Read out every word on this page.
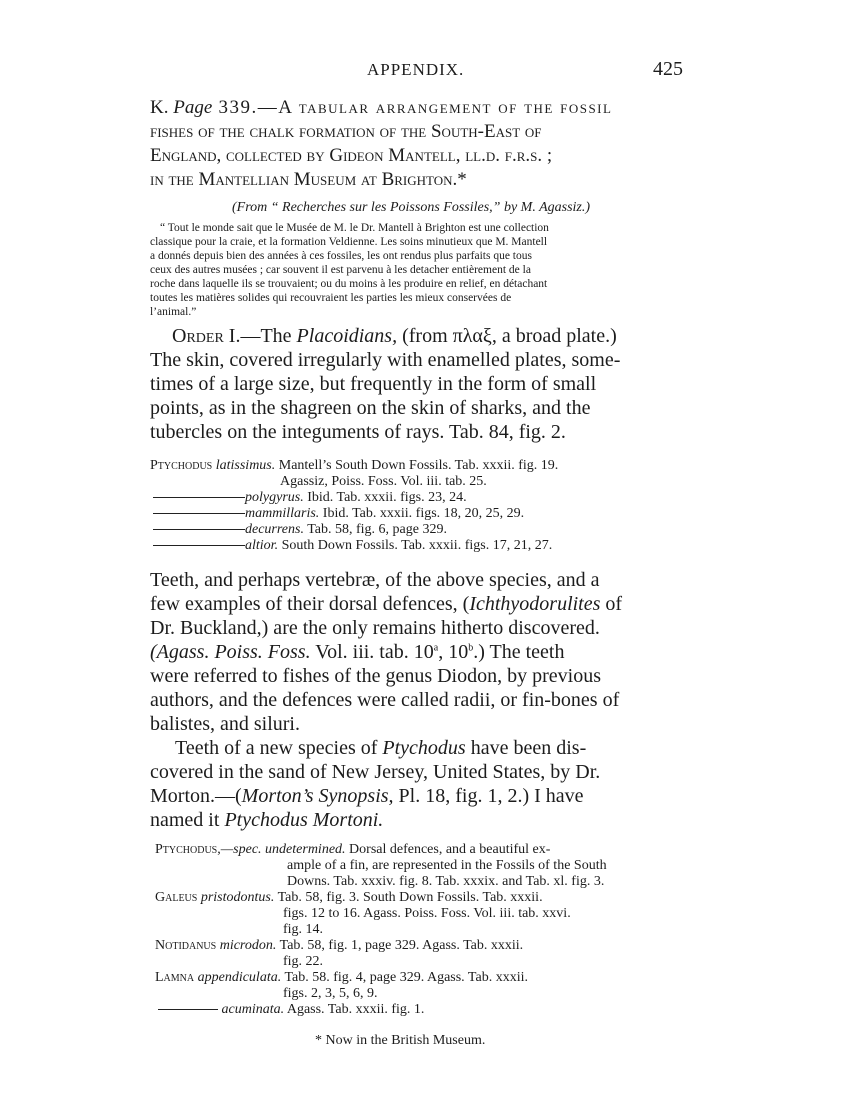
APPENDIX.	425
K. Page 339.—A tabular arrangement of the fossil
fishes of the chalk formation of the South-East of
England, collected by Gideon Mantell, ll.d. f.r.s. ;
in the Mantellian Museum at Brighton.*
(From “ Recherches sur les Poissons Fossiles,” by M. Agassiz.)
“ Tout le monde sait que le Musée de M. le Dr. Mantell à Brighton est une collection
classique pour la craie, et la formation Veldienne. Les soins minutieux que M. Mantell
a donnés depuis bien des années à ces fossiles, les ont rendus plus parfaits que tous
ceux des autres musées ; car souvent il est parvenu à les detacher entièrement de la
roche dans laquelle ils se trouvaient; ou du moins à les produire en relief, en détachant
toutes les matières solides qui recouvraient les parties les mieux conservées de
l’animal.”
Order I.—The Placoidians, (from πλαξ, a broad plate.)
The skin, covered irregularly with enamelled plates, some-
times of a large size, but frequently in the form of small
points, as in the shagreen on the skin of sharks, and the
tubercles on the integuments of rays. Tab. 84, fig. 2.
Ptychodus latissimus. Mantell’s South Down Fossils. Tab. xxxii. fig. 19.
Agassiz, Poiss. Foss. Vol. iii. tab. 25.
polygyrus. Ibid. Tab. xxxii. figs. 23, 24.
mammillaris. Ibid. Tab. xxxii. figs. 18, 20, 25, 29.
decurrens. Tab. 58, fig. 6, page 329.
altior. South Down Fossils. Tab. xxxii. figs. 17, 21, 27.
Teeth, and perhaps vertebræ, of the above species, and a
few examples of their dorsal defences, (Ichthyodorulites of
Dr. Buckland,) are the only remains hitherto discovered.
(Agass. Poiss. Foss. Vol. iii. tab. 10$^a$, 10$^b$.) The teeth
were referred to fishes of the genus Diodon, by previous
authors, and the defences were called radii, or fin-bones of
balistes, and siluri.
Teeth of a new species of Ptychodus have been dis-
covered in the sand of New Jersey, United States, by Dr.
Morton.—(Morton’s Synopsis, Pl. 18, fig. 1, 2.) I have
named it Ptychodus Mortoni.
Ptychodus,—spec. undetermined. Dorsal defences, and a beautiful ex-
ample of a fin, are represented in the Fossils of the South
Downs. Tab. xxxiv. fig. 8. Tab. xxxix. and Tab. xl. fig. 3.
Galeus pristodontus. Tab. 58, fig. 3. South Down Fossils. Tab. xxxii.
figs. 12 to 16. Agass. Poiss. Foss. Vol. iii. tab. xxvi.
fig. 14.
Notidanus microdon. Tab. 58, fig. 1, page 329. Agass. Tab. xxxii.
fig. 22.
Lamna appendiculata. Tab. 58. fig. 4, page 329. Agass. Tab. xxxii.
figs. 2, 3, 5, 6, 9.
acuminata. Agass. Tab. xxxii. fig. 1.
* Now in the British Museum.
